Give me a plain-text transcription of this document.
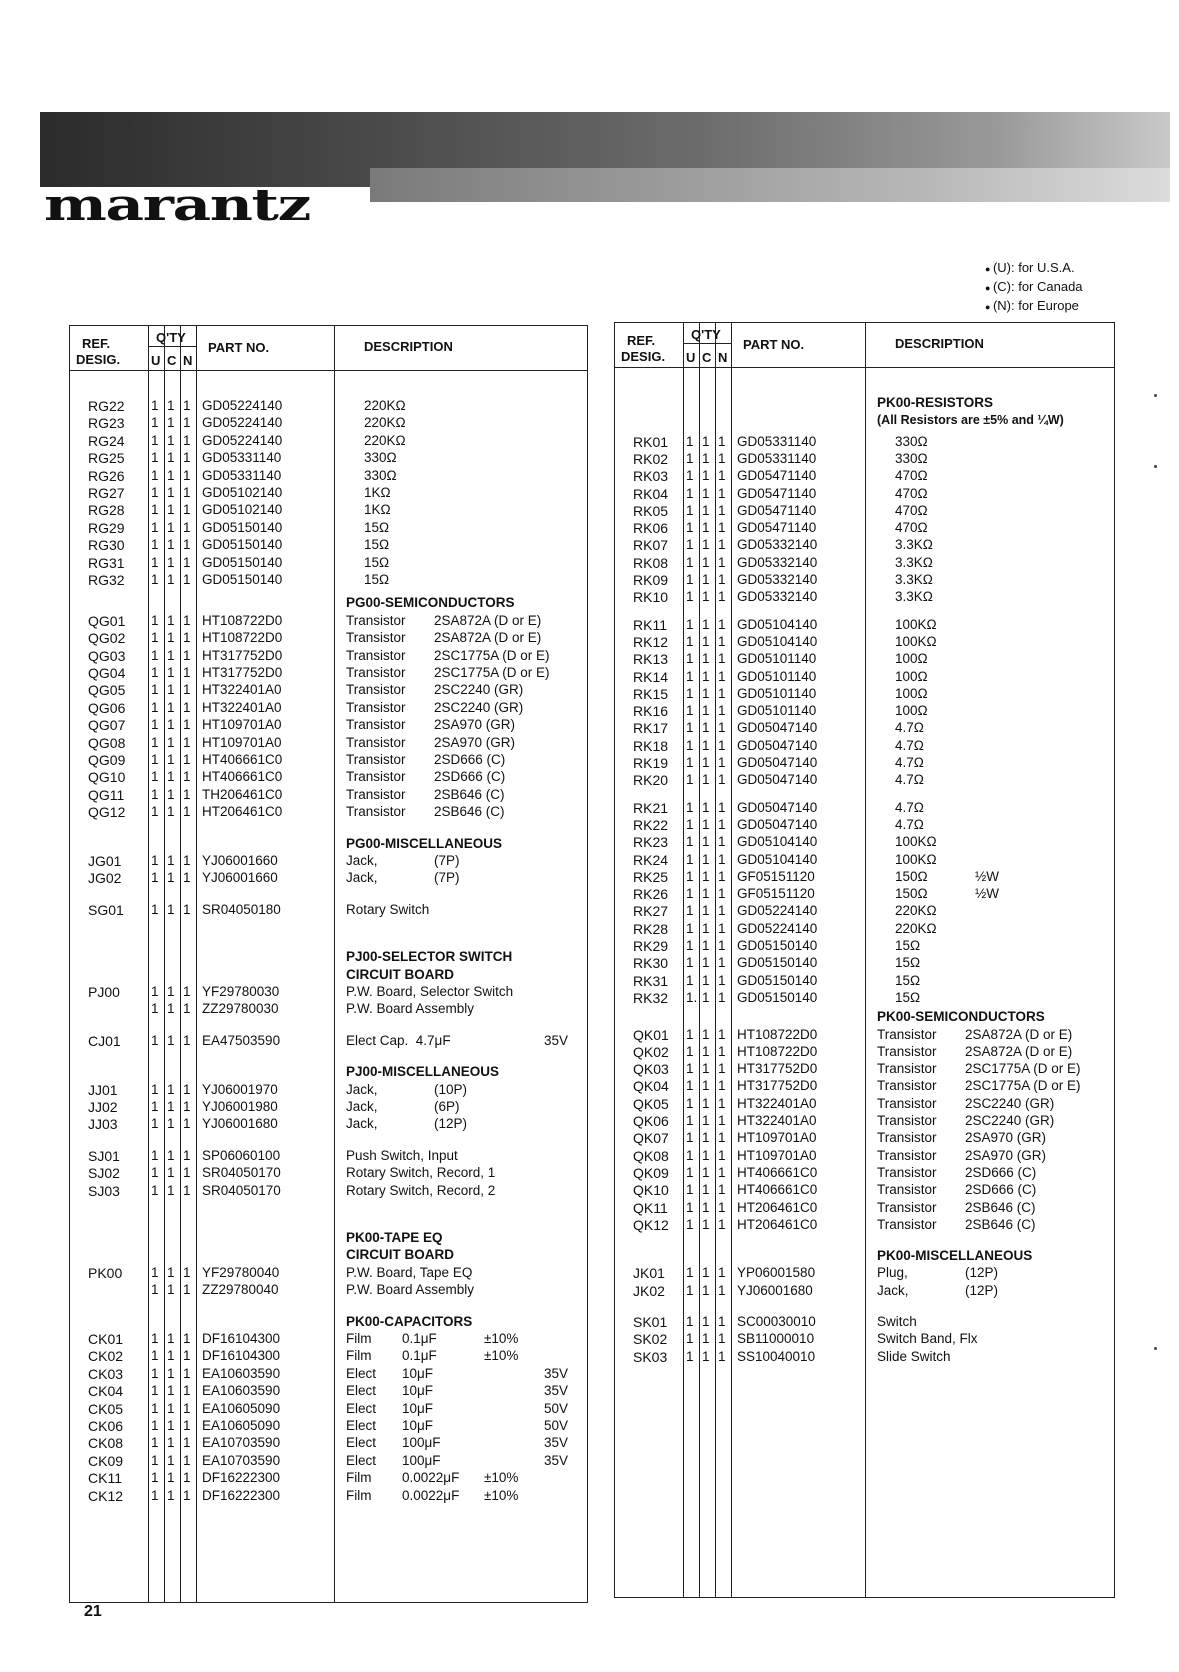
marantz
● (U): for U.S.A.
● (C): for Canada
● (N): for Europe
REF.
DESIG.
Q'TY
U C N
PART NO.	DESCRIPTION
RG22 1 1 1 GD05224140	220KΩ
RG23 1 1 1 GD05224140	220KΩ
RG24 1 1 1 GD05224140	220KΩ
RG25 1 1 1 GD05331140	330Ω
RG26 1 1 1 GD05331140	330Ω
RG27 1 1 1 GD05102140	1KΩ
RG28 1 1 1 GD05102140	1KΩ
RG29 1 1 1 GD05150140	15Ω
RG30 1 1 1 GD05150140	15Ω
RG31 1 1 1 GD05150140	15Ω
RG32 1 1 1 GD05150140	15Ω
PG00-SEMICONDUCTORS
QG01 1 1 1 HT108722D0	Transistor 2SA872A (D or E)
QG02 1 1 1 HT108722D0	Transistor 2SA872A (D or E)
QG03 1 1 1 HT317752D0	Transistor 2SC1775A (D or E)
QG04 1 1 1 HT317752D0	Transistor 2SC1775A (D or E)
QG05 1 1 1 HT322401A0	Transistor 2SC2240 (GR)
QG06 1 1 1 HT322401A0	Transistor 2SC2240 (GR)
QG07 1 1 1 HT109701A0	Transistor 2SA970 (GR)
QG08 1 1 1 HT109701A0	Transistor 2SA970 (GR)
QG09 1 1 1 HT406661C0	Transistor 2SD666 (C)
QG10 1 1 1 HT406661C0	Transistor 2SD666 (C)
QG11 1 1 1 TH206461C0	Transistor 2SB646 (C)
QG12 1 1 1 HT206461C0	Transistor 2SB646 (C)
PG00-MISCELLANEOUS
JG01 1 1 1 YJ06001660	Jack,	(7P)
JG02 1 1 1 YJ06001660	Jack,	(7P)
SG01 1 1 1 SR04050180	Rotary Switch
PJ00-SELECTOR SWITCH
CIRCUIT BOARD
PJ00 1 1 1 YF29780030	P.W. Board, Selector Switch
1 1 1 ZZ29780030	P.W. Board Assembly
CJ01 1 1 1 EA47503590	Elect Cap.  4.7μF	35V
PJ00-MISCELLANEOUS
JJ01 1 1 1 YJ06001970	Jack,	(10P)
JJ02 1 1 1 YJ06001980	Jack,	(6P)
JJ03 1 1 1 YJ06001680	Jack,	(12P)
SJ01 1 1 1 SP06060100	Push Switch, Input
SJ02 1 1 1 SR04050170	Rotary Switch, Record, 1
SJ03 1 1 1 SR04050170	Rotary Switch, Record, 2
PK00-TAPE EQ
CIRCUIT BOARD
PK00 1 1 1 YF29780040	P.W. Board, Tape EQ
1 1 1 ZZ29780040	P.W. Board Assembly
PK00-CAPACITORS
CK01 1 1 1 DF16104300	Film 0.1μF	±10%
CK02 1 1 1 DF16104300	Film 0.1μF	±10%
CK03 1 1 1 EA10603590	Elect 10μF	35V
CK04 1 1 1 EA10603590	Elect 10μF	35V
CK05 1 1 1 EA10605090	Elect 10μF	50V
CK06 1 1 1 EA10605090	Elect 10μF	50V
CK08 1 1 1 EA10703590	Elect 100μF	35V
CK09 1 1 1 EA10703590	Elect 100μF	35V
CK11 1 1 1 DF16222300	Film 0.0022μF ±10%
CK12 1 1 1 DF16222300	Film 0.0022μF ±10%
REF.
DESIG.
Q'TY
U C N
PART NO.	DESCRIPTION
PK00-RESISTORS
(All Resistors are ±5% and ¼W)
RK01 1 1 1 GD05331140	330Ω
RK02 1 1 1 GD05331140	330Ω
RK03 1 1 1 GD05471140	470Ω
RK04 1 1 1 GD05471140	470Ω
RK05 1 1 1 GD05471140	470Ω
RK06 1 1 1 GD05471140	470Ω
RK07 1 1 1 GD05332140	3.3KΩ
RK08 1 1 1 GD05332140	3.3KΩ
RK09 1 1 1 GD05332140	3.3KΩ
RK10 1 1 1 GD05332140	3.3KΩ
RK11 1 1 1 GD05104140	100KΩ
RK12 1 1 1 GD05104140	100KΩ
RK13 1 1 1 GD05101140	100Ω
RK14 1 1 1 GD05101140	100Ω
RK15 1 1 1 GD05101140	100Ω
RK16 1 1 1 GD05101140	100Ω
RK17 1 1 1 GD05047140	4.7Ω
RK18 1 1 1 GD05047140	4.7Ω
RK19 1 1 1 GD05047140	4.7Ω
RK20 1 1 1 GD05047140	4.7Ω
RK21 1 1 1 GD05047140	4.7Ω
RK22 1 1 1 GD05047140	4.7Ω
RK23 1 1 1 GD05104140	100KΩ
RK24 1 1 1 GD05104140	100KΩ
RK25 1 1 1 GF05151120	150Ω	½W
RK26 1 1 1 GF05151120	150Ω	½W
RK27 1 1 1 GD05224140	220KΩ
RK28 1 1 1 GD05224140	220KΩ
RK29 1 1 1 GD05150140	15Ω
RK30 1 1 1 GD05150140	15Ω
RK31 1 1 1 GD05150140	15Ω
RK32 1. 1 1 GD05150140	15Ω
PK00-SEMICONDUCTORS
QK01 1 1 1 HT108722D0	Transistor 2SA872A (D or E)
QK02 1 1 1 HT108722D0	Transistor 2SA872A (D or E)
QK03 1 1 1 HT317752D0	Transistor 2SC1775A (D or E)
QK04 1 1 1 HT317752D0	Transistor 2SC1775A (D or E)
QK05 1 1 1 HT322401A0	Transistor 2SC2240 (GR)
QK06 1 1 1 HT322401A0	Transistor 2SC2240 (GR)
QK07 1 1 1 HT109701A0	Transistor 2SA970 (GR)
QK08 1 1 1 HT109701A0	Transistor 2SA970 (GR)
QK09 1 1 1 HT406661C0	Transistor 2SD666 (C)
QK10 1 1 1 HT406661C0	Transistor 2SD666 (C)
QK11 1 1 1 HT206461C0	Transistor 2SB646 (C)
QK12 1 1 1 HT206461C0	Transistor 2SB646 (C)
PK00-MISCELLANEOUS
JK01 1 1 1 YP06001580	Plug,	(12P)
JK02 1 1 1 YJ06001680	Jack,	(12P)
SK01 1 1 1 SC00030010	Switch
SK02 1 1 1 SB11000010	Switch Band, Flx
SK03 1 1 1 SS10040010	Slide Switch
21
